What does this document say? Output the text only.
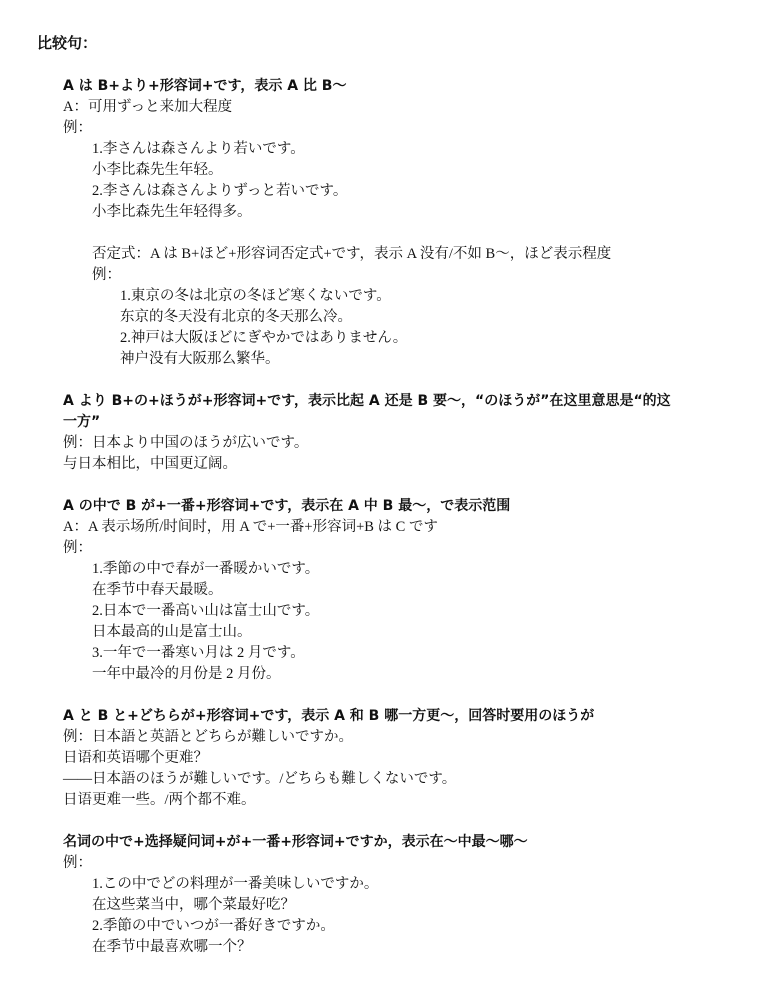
比较句：
A は B+より+形容词+です，表示 A 比 B～
A：可用ずっと来加大程度
例：
1.李さんは森さんより若いです。
小李比森先生年轻。
2.李さんは森さんよりずっと若いです。
小李比森先生年轻得多。
否定式：A は B+ほど+形容词否定式+です，表示 A 没有/不如 B～，ほど表示程度
例：
1.東京の冬は北京の冬ほど寒くないです。
东京的冬天没有北京的冬天那么冷。
2.神戸は大阪ほどにぎやかではありません。
神户没有大阪那么繁华。
A より B+の+ほうが+形容词+です，表示比起 A 还是 B 要～，“のほうが”在这里意思是“的这
一方”
例：日本より中国のほうが広いです。
与日本相比，中国更辽阔。
A の中で B が+一番+形容词+です，表示在 A 中 B 最～，で表示范围
A：A 表示场所/时间时，用 A で+一番+形容词+B は C です
例：
1.季節の中で春が一番暖かいです。
在季节中春天最暖。
2.日本で一番高い山は富士山です。
日本最高的山是富士山。
3.一年で一番寒い月は 2 月です。
一年中最冷的月份是 2 月份。
A と B と+どちらが+形容词+です，表示 A 和 B 哪一方更～，回答时要用のほうが
例：日本語と英語とどちらが難しいですか。
日语和英语哪个更难？
——日本語のほうが難しいです。/どちらも難しくないです。
日语更难一些。/两个都不难。
名词の中で+选择疑问词+が+一番+形容词+ですか，表示在～中最～哪～
例：
1.この中でどの料理が一番美味しいですか。
在这些菜当中，哪个菜最好吃？
2.季節の中でいつが一番好きですか。
在季节中最喜欢哪一个？
